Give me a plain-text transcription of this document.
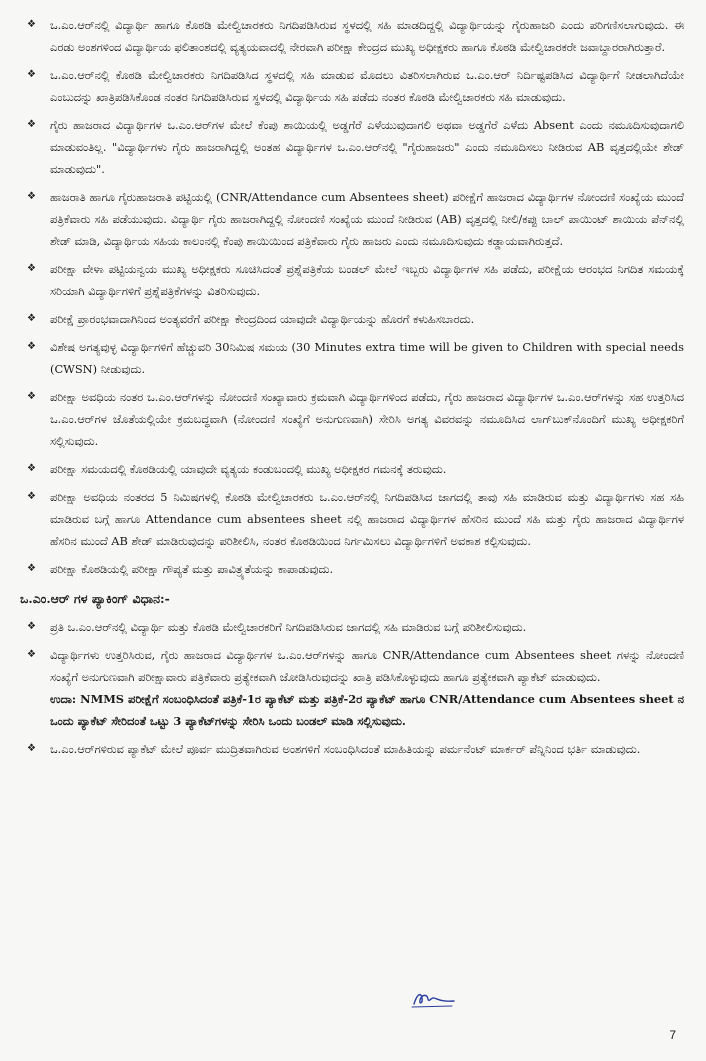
❖ ಒ.ಎಂ.ಆರ್‌ನಲ್ಲಿ ವಿದ್ಯಾರ್ಥಿ ಹಾಗೂ ಕೊಠಡಿ ಮೇಲ್ವಿಚಾರಕರು ನಿಗದಿಪಡಿಸಿರುವ ಸ್ಥಳದಲ್ಲಿ ಸಹಿ ಮಾಡದಿದ್ದಲ್ಲಿ ವಿದ್ಯಾರ್ಥಿಯನ್ನು ಗೈರುಹಾಜರಿ ಎಂದು ಪರಿಗಣಿಸಲಾಗುವುದು. ಈ ಎರಡು ಅಂಶಗಳಿಂದ ವಿದ್ಯಾರ್ಥಿಯ ಫಲಿತಾಂಶದಲ್ಲಿ ವ್ಯತ್ಯಯವಾದಲ್ಲಿ ನೇರವಾಗಿ ಪರೀಕ್ಷಾ ಕೇಂದ್ರದ ಮುಖ್ಯ ಅಧೀಕ್ಷಕರು ಹಾಗೂ ಕೊಠಡಿ ಮೇಲ್ವಿಚಾರಕರೇ ಜವಾಬ್ದಾರರಾಗಿರುತ್ತಾರೆ.
❖ ಒ.ಎಂ.ಆರ್‌ನಲ್ಲಿ ಕೊಠಡಿ ಮೇಲ್ವಿಚಾರಕರು ನಿಗದಿಪಡಿಸಿದ ಸ್ಥಳದಲ್ಲಿ ಸಹಿ ಮಾಡುವ ಮೊದಲು ವಿತರಿಸಲಾಗಿರುವ ಒ.ಎಂ.ಆರ್ ನಿರ್ದಿಷ್ಟಪಡಿಸಿದ ವಿದ್ಯಾರ್ಥಿಗೆ ನೀಡಲಾಗಿದೆಯೇ ಎಂಬುದನ್ನು ಖಾತ್ರಿಪಡಿಸಿಕೊಂಡ ನಂತರ ನಿಗದಿಪಡಿಸಿರುವ ಸ್ಥಳದಲ್ಲಿ ವಿದ್ಯಾರ್ಥಿಯ ಸಹಿ ಪಡೆದು ನಂತರ ಕೊಠಡಿ ಮೇಲ್ವಿಚಾರಕರು ಸಹಿ ಮಾಡುವುದು.
❖ ಗೈರು ಹಾಜರಾದ ವಿದ್ಯಾರ್ಥಿಗಳ ಒ.ಎಂ.ಆರ್‌ಗಳ ಮೇಲೆ ಕೆಂಪು ಶಾಯಿಯಲ್ಲಿ ಅಡ್ಡಗೆರೆ ಎಳೆಯುವುದಾಗಲಿ ಅಥವಾ ಅಡ್ಡಗೆರೆ ಎಳೆದು Absent ಎಂದು ನಮೂದಿಸುವುದಾಗಲಿ ಮಾಡುವಂತಿಲ್ಲ. "ವಿದ್ಯಾರ್ಥಿಗಳು ಗೈರು ಹಾಜರಾಗಿದ್ದಲ್ಲಿ ಅಂತಹ ವಿದ್ಯಾರ್ಥಿಗಳ ಒ.ಎಂ.ಆರ್‌ನಲ್ಲಿ "ಗೈರುಹಾಜರು" ಎಂದು ನಮೂದಿಸಲು ನೀಡಿರುವ AB ವೃತ್ತದಲ್ಲಿಯೇ ಶೇಡ್ ಮಾಡುವುದು".
❖ ಹಾಜರಾತಿ ಹಾಗೂ ಗೈರುಹಾಜರಾತಿ ಪಟ್ಟಿಯಲ್ಲಿ (CNR/Attendance cum Absentees sheet) ಪರೀಕ್ಷೆಗೆ ಹಾಜರಾದ ವಿದ್ಯಾರ್ಥಿಗಳ ನೋಂದಣಿ ಸಂಖ್ಯೆಯ ಮುಂದೆ ಪತ್ರಿಕೆವಾರು ಸಹಿ ಪಡೆಯುವುದು. ವಿದ್ಯಾರ್ಥಿ ಗೈರು ಹಾಜರಾಗಿದ್ದಲ್ಲಿ ನೋಂದಣಿ ಸಂಖ್ಯೆಯ ಮುಂದೆ ನೀಡಿರುವ (AB) ವೃತ್ತದಲ್ಲಿ ನೀಲಿ/ಕಪ್ಪು ಬಾಲ್ ಪಾಯಿಂಟ್ ಶಾಯಿಯ ಪೆನ್‌ನಲ್ಲಿ ಶೇಡ್ ಮಾಡಿ, ವಿದ್ಯಾರ್ಥಿಯ ಸಹಿಯ ಕಾಲಂನಲ್ಲಿ ಕೆಂಪು ಶಾಯಿಯಿಂದ ಪತ್ರಿಕೆವಾರು ಗೈರು ಹಾಜರು ಎಂದು ನಮೂದಿಸುವುದು ಕಡ್ಡಾಯವಾಗಿರುತ್ತದೆ.
❖ ಪರೀಕ್ಷಾ ವೇಳಾ ಪಟ್ಟಿಯನ್ವಯ ಮುಖ್ಯ ಅಧೀಕ್ಷಕರು ಸೂಚಿಸಿದಂತೆ ಪ್ರಶ್ನೆಪತ್ರಿಕೆಯ ಬಂಡಲ್ ಮೇಲೆ ಇಬ್ಬರು ವಿದ್ಯಾರ್ಥಿಗಳ ಸಹಿ ಪಡೆದು, ಪರೀಕ್ಷೆಯ ಆರಂಭದ ನಿಗದಿತ ಸಮಯಕ್ಕೆ ಸರಿಯಾಗಿ ವಿದ್ಯಾರ್ಥಿಗಳಿಗೆ ಪ್ರಶ್ನೆಪತ್ರಿಕೆಗಳನ್ನು ವಿತರಿಸುವುದು.
❖ ಪರೀಕ್ಷೆ ಪ್ರಾರಂಭವಾದಾಗಿನಿಂದ ಅಂತ್ಯವರೆಗೆ ಪರೀಕ್ಷಾ ಕೇಂದ್ರದಿಂದ ಯಾವುದೇ ವಿದ್ಯಾರ್ಥಿಯನ್ನು ಹೊರಗೆ ಕಳುಹಿಸಬಾರದು.
❖ ವಿಶೇಷ ಅಗತ್ಯವುಳ್ಳ ವಿದ್ಯಾರ್ಥಿಗಳಿಗೆ ಹೆಚ್ಚುವರಿ 30ನಿಮಿಷ ಸಮಯ (30 Minutes extra time will be given to Children with special needs (CWSN) ನೀಡುವುದು.
❖ ಪರೀಕ್ಷಾ ಅವಧಿಯ ನಂತರ ಒ.ಎಂ.ಆರ್‌ಗಳನ್ನು ನೋಂದಣಿ ಸಂಖ್ಯಾವಾರು ಕ್ರಮವಾಗಿ ವಿದ್ಯಾರ್ಥಿಗಳಿಂದ ಪಡೆದು, ಗೈರು ಹಾಜರಾದ ವಿದ್ಯಾರ್ಥಿಗಳ ಒ.ಎಂ.ಆರ್‌ಗಳನ್ನು ಸಹ ಉತ್ತರಿಸಿದ ಒ.ಎಂ.ಆರ್‌ಗಳ ಜೊತೆಯಲ್ಲಿಯೇ ಕ್ರಮಬದ್ಧವಾಗಿ (ನೋಂದಣಿ ಸಂಖ್ಯೆಗೆ ಅನುಗುಣವಾಗಿ) ಸೇರಿಸಿ ಅಗತ್ಯ ವಿವರವನ್ನು ನಮೂದಿಸಿದ ಲಾಗ್‌ಬುಕ್‌ನೊಂದಿಗೆ ಮುಖ್ಯ ಅಧೀಕ್ಷಕರಿಗೆ ಸಲ್ಲಿಸುವುದು.
❖ ಪರೀಕ್ಷಾ ಸಮಯದಲ್ಲಿ ಕೊಠಡಿಯಲ್ಲಿ ಯಾವುದೇ ವ್ಯತ್ಯಯ ಕಂಡುಬಂದಲ್ಲಿ ಮುಖ್ಯ ಅಧೀಕ್ಷಕರ ಗಮನಕ್ಕೆ ತರುವುದು.
❖ ಪರೀಕ್ಷಾ ಅವಧಿಯ ನಂತರದ 5 ನಿಮಿಷಗಳಲ್ಲಿ ಕೊಠಡಿ ಮೇಲ್ವಿಚಾರಕರು ಒ.ಎಂ.ಆರ್‌ನಲ್ಲಿ ನಿಗದಿಪಡಿಸಿದ ಜಾಗದಲ್ಲಿ ತಾವು ಸಹಿ ಮಾಡಿರುವ ಮತ್ತು ವಿದ್ಯಾರ್ಥಿಗಳು ಸಹ ಸಹಿ ಮಾಡಿರುವ ಬಗ್ಗೆ ಹಾಗೂ Attendance cum absentees sheet ನಲ್ಲಿ ಹಾಜರಾದ ವಿದ್ಯಾರ್ಥಿಗಳ ಹೆಸರಿನ ಮುಂದೆ ಸಹಿ ಮತ್ತು ಗೈರು ಹಾಜರಾದ ವಿದ್ಯಾರ್ಥಿಗಳ ಹೆಸರಿನ ಮುಂದೆ AB ಶೇಡ್ ಮಾಡಿರುವುದನ್ನು ಪರಿಶೀಲಿಸಿ, ನಂತರ ಕೊಠಡಿಯಿಂದ ನಿರ್ಗಮಿಸಲು ವಿದ್ಯಾರ್ಥಿಗಳಿಗೆ ಅವಕಾಶ ಕಲ್ಪಿಸುವುದು.
❖ ಪರೀಕ್ಷಾ ಕೊಠಡಿಯಲ್ಲಿ ಪರೀಕ್ಷಾ ಗೌಪ್ಯತೆ ಮತ್ತು ಪಾವಿತ್ರ್ಯತೆಯನ್ನು ಕಾಪಾಡುವುದು.
ಒ.ಎಂ.ಆರ್ ಗಳ ಪ್ಯಾಕಿಂಗ್ ವಿಧಾನ:-
❖ ಪ್ರತಿ ಒ.ಎಂ.ಆರ್‌ನಲ್ಲಿ ವಿದ್ಯಾರ್ಥಿ ಮತ್ತು ಕೊಠಡಿ ಮೇಲ್ವಿಚಾರಕರಿಗೆ ನಿಗದಿಪಡಿಸಿರುವ ಜಾಗದಲ್ಲಿ ಸಹಿ ಮಾಡಿರುವ ಬಗ್ಗೆ ಪರಿಶೀಲಿಸುವುದು.
❖ ವಿದ್ಯಾರ್ಥಿಗಳು ಉತ್ತರಿಸಿರುವ, ಗೈರು ಹಾಜರಾದ ವಿದ್ಯಾರ್ಥಿಗಳ ಒ.ಎಂ.ಆರ್‌ಗಳನ್ನು ಹಾಗೂ CNR/Attendance cum Absentees sheet ಗಳನ್ನು ನೋಂದಣಿ ಸಂಖ್ಯೆಗೆ ಅನುಗುಣವಾಗಿ ಪರೀಕ್ಷಾವಾರು ಪತ್ರಿಕೆವಾರು ಪ್ರತ್ಯೇಕವಾಗಿ ಜೋಡಿಸಿರುವುದನ್ನು ಖಾತ್ರಿ ಪಡಿಸಿಕೊಳ್ಳುವುದು ಹಾಗೂ ಪ್ರತ್ಯೇಕವಾಗಿ ಪ್ಯಾಕೆಟ್ ಮಾಡುವುದು.
ಉದಾ: NMMS ಪರೀಕ್ಷೆಗೆ ಸಂಬಂಧಿಸಿದಂತೆ ಪತ್ರಿಕೆ-1ರ ಪ್ಯಾಕೆಟ್ ಮತ್ತು ಪತ್ರಿಕೆ-2ರ ಪ್ಯಾಕೆಟ್ ಹಾಗೂ CNR/Attendance cum Absentees sheet ನ ಒಂದು ಪ್ಯಾಕೆಟ್ ಸೇರಿದಂತೆ ಒಟ್ಟು 3 ಪ್ಯಾಕೆಟ್‌ಗಳನ್ನು ಸೇರಿಸಿ ಒಂದು ಬಂಡಲ್ ಮಾಡಿ ಸಲ್ಲಿಸುವುದು.
❖ ಒ.ಎಂ.ಆರ್‌ಗಳಿರುವ ಪ್ಯಾಕೆಟ್ ಮೇಲೆ ಪೂರ್ವ ಮುದ್ರಿತವಾಗಿರುವ ಅಂಶಗಳಿಗೆ ಸಂಬಂಧಿಸಿದಂತೆ ಮಾಹಿತಿಯನ್ನು ಪರ್ಮನೆಂಟ್ ಮಾರ್ಕರ್ ಪೆನ್ನಿನಿಂದ ಭರ್ತಿ ಮಾಡುವುದು.
7
